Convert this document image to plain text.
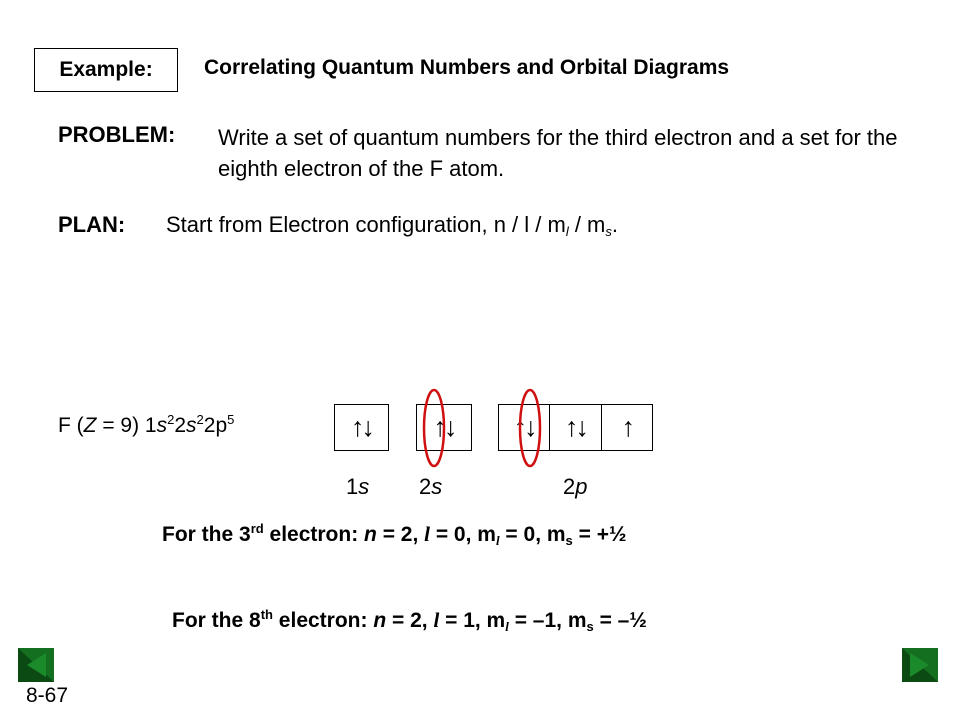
Example:	Correlating Quantum Numbers and Orbital Diagrams
PROBLEM: Write a set of quantum numbers for the third electron and a set for the eighth electron of the F atom.
PLAN: Start from Electron configuration, n / l / $m_l / m_s$.
F (Z = 9) $1s^22s^22p^5$	↑↓	↑↓	↑↓	↑↓	↑
1s 2s	2p
For the 3rd electron: n = 2, l = 0, $m_l = 0$, $m_s$ = +½
For the 8th electron: n = 2, l = 1, $m_l = -1$, $m_s$ = –½
8-67
